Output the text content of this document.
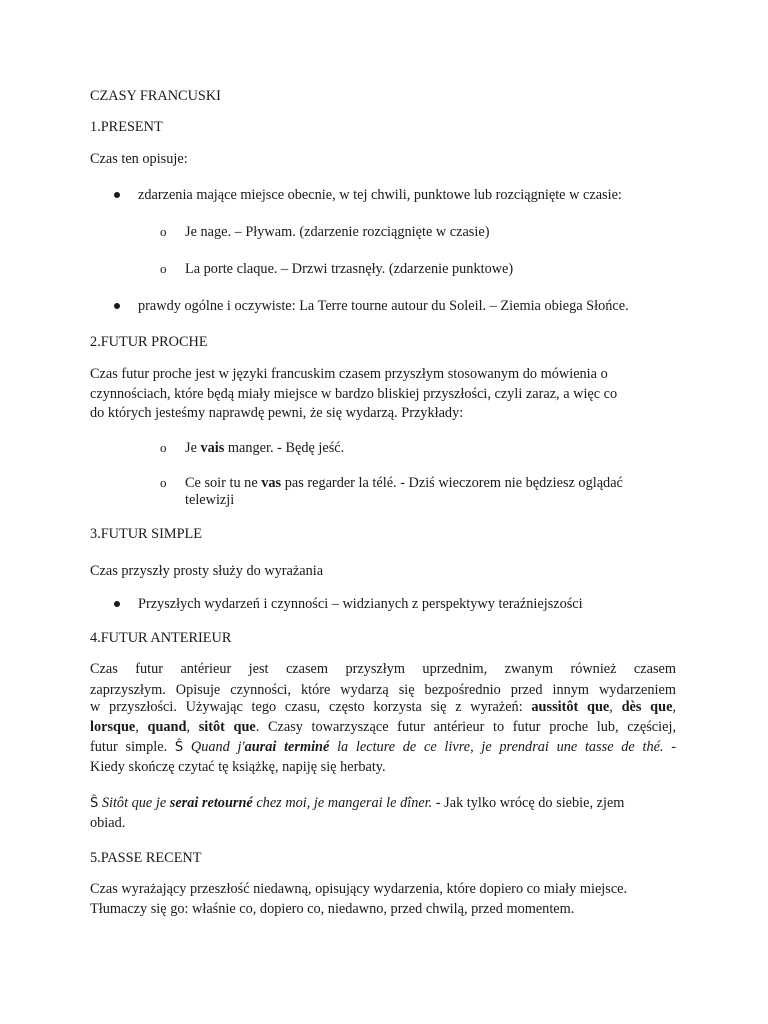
CZASY FRANCUSKI
1.PRESENT
Czas ten opisuje:
zdarzenia mające miejsce obecnie, w tej chwili, punktowe lub rozciągnięte w czasie:
o Je nage. – Pływam. (zdarzenie rozciągnięte w czasie)
o La porte claque. – Drzwi trzasnęły. (zdarzenie punktowe)
prawdy ogólne i oczywiste: La Terre tourne autour du Soleil. – Ziemia obiega Słońce.
2.FUTUR PROCHE
Czas futur proche jest w języki francuskim czasem przyszłym stosowanym do mówienia o
czynnościach, które będą miały miejsce w bardzo bliskiej przyszłości, czyli zaraz, a więc co
do których jesteśmy naprawdę pewni, że się wydarzą. Przykłady:
o Je vais manger. - Będę jeść.
o Ce soir tu ne vas pas regarder la télé. - Dziś wieczorem nie będziesz oglądać
telewizji
3.FUTUR SIMPLE
Czas przyszły prosty służy do wyrażania
Przyszłych wydarzeń i czynności – widzianych z perspektywy teraźniejszości
4.FUTUR ANTERIEUR
Czas futur antérieur jest czasem przyszłym uprzednim, zwanym również czasem
zaprzyszłym. Opisuje czynności, które wydarzą się bezpośrednio przed innym wydarzeniem
w przyszłości. Używając tego czasu, często korzysta się z wyrażeń: aussitôt que, dès que,
lorsque, quand, sitôt que. Czasy towarzyszące futur antérieur to futur proche lub, częściej,
futur simple. Ŝ Quand j'aurai terminé la lecture de ce livre, je prendrai une tasse de thé. -
Kiedy skończę czytać tę książkę, napiję się herbaty.
Ŝ Sitôt que je serai retourné chez moi, je mangerai le dîner. - Jak tylko wrócę do siebie, zjem
obiad.
5.PASSE RECENT
Czas wyrażający przeszłość niedawną, opisujący wydarzenia, które dopiero co miały miejsce.
Tłumaczy się go: właśnie co, dopiero co, niedawno, przed chwilą, przed momentem.
